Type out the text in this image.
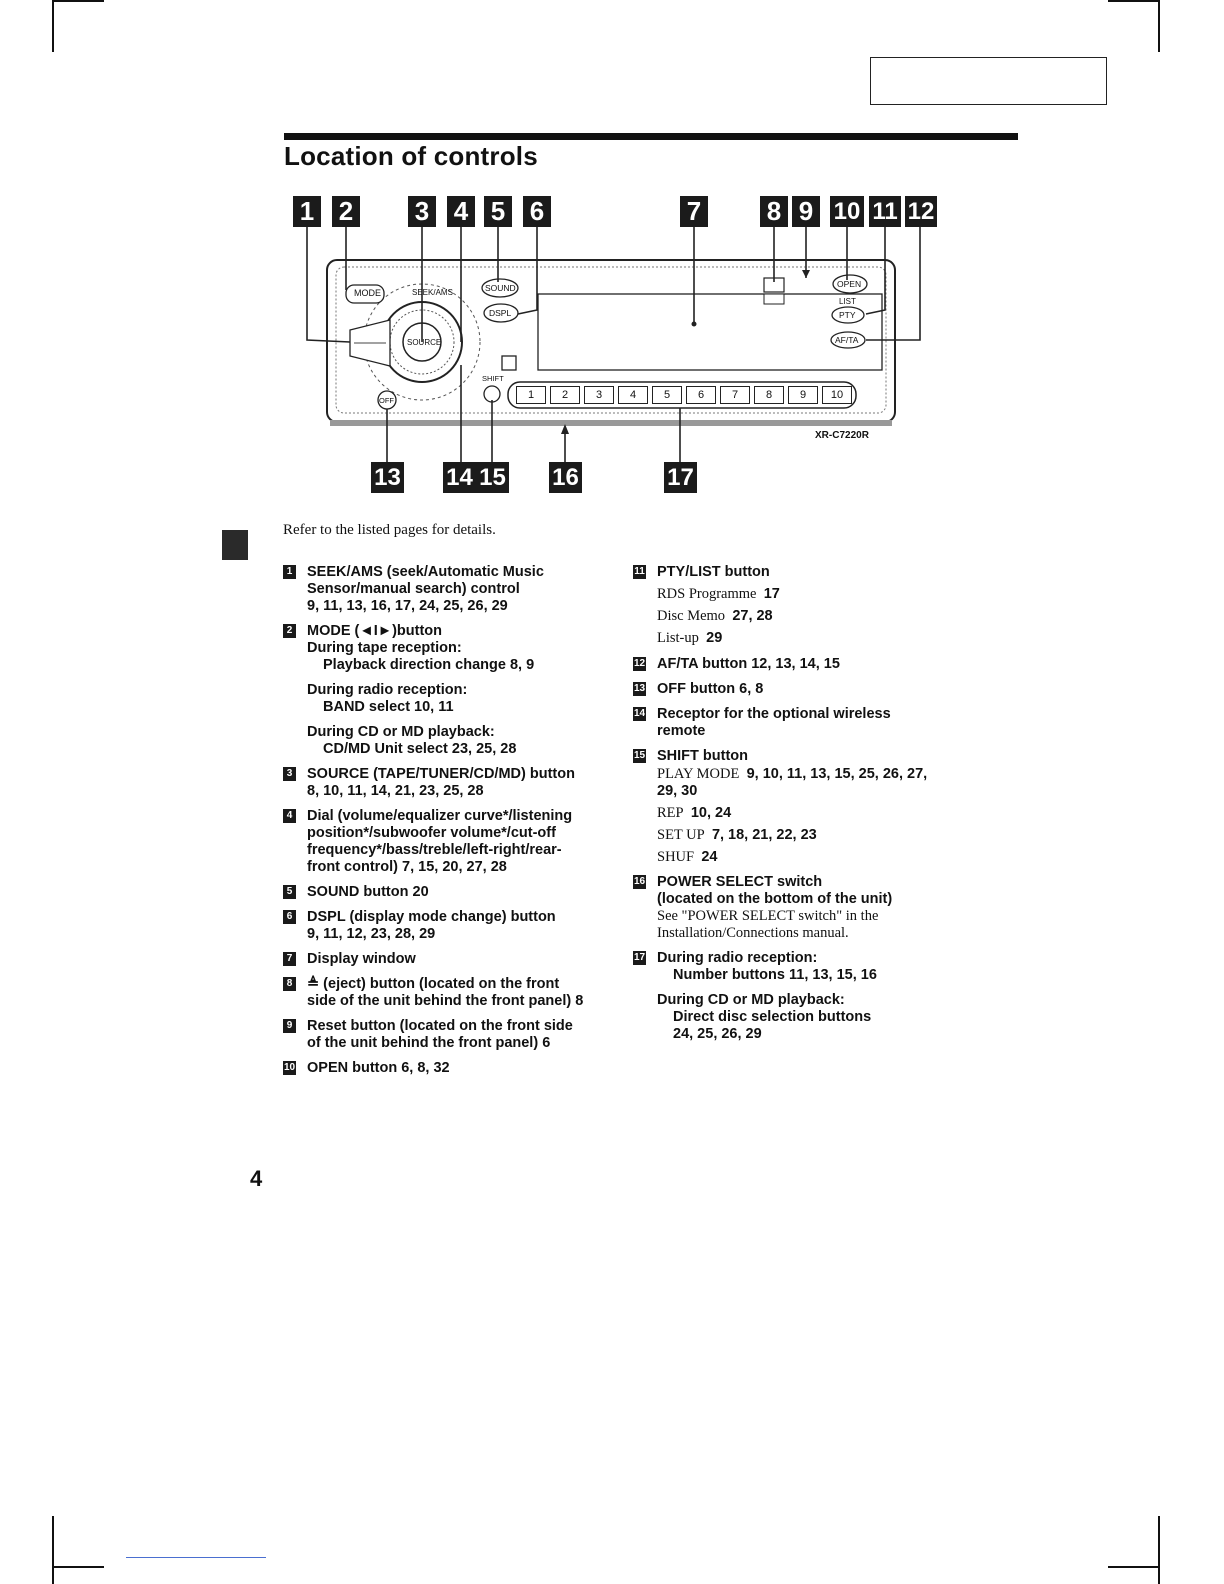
Location of controls
MODE	SEEK/AMS
SOURCE
SOUND
DSPL
SHIFT
OFF
OPEN
LIST
PTY
AF/TA
XR-C7220R
1	2	3	4	5	6	7	8	9	10
1 2 3 4 5 6	7	8 9 10 11 12
13 14 15 16	17
Refer to the listed pages for details.
1 SEEK/AMS (seek/Automatic Music
Sensor/manual search) control
9, 11, 13, 16, 17, 24, 25, 26, 29
2 MODE (◄I►)button
During tape reception:
Playback direction change 8, 9
During radio reception:
BAND select 10, 11
During CD or MD playback:
CD/MD Unit select 23, 25, 28
3 SOURCE (TAPE/TUNER/CD/MD) button
8, 10, 11, 14, 21, 23, 25, 28
4 Dial (volume/equalizer curve*/listening
position*/subwoofer volume*/cut-off
frequency*/bass/treble/left-right/rear-
front control) 7, 15, 20, 27, 28
5 SOUND button 20
6 DSPL (display mode change) button
9, 11, 12, 23, 28, 29
7 Display window
8 ≜ (eject) button (located on the front
side of the unit behind the front panel) 8
9 Reset button (located on the front side
of the unit behind the front panel) 6
10 OPEN button 6, 8, 32
11 PTY/LIST button
RDS Programme 17
Disc Memo 27, 28
List-up 29
12 AF/TA button 12, 13, 14, 15
13 OFF button 6, 8
14 Receptor for the optional wireless
remote
15 SHIFT button
PLAY MODE 9, 10, 11, 13, 15, 25, 26, 27,
29, 30
REP 10, 24
SET UP 7, 18, 21, 22, 23
SHUF 24
16 POWER SELECT switch
(located on the bottom of the unit)
See "POWER SELECT switch" in the
Installation/Connections manual.
17 During radio reception:
Number buttons 11, 13, 15, 16
During CD or MD playback:
Direct disc selection buttons
24, 25, 26, 29
4
